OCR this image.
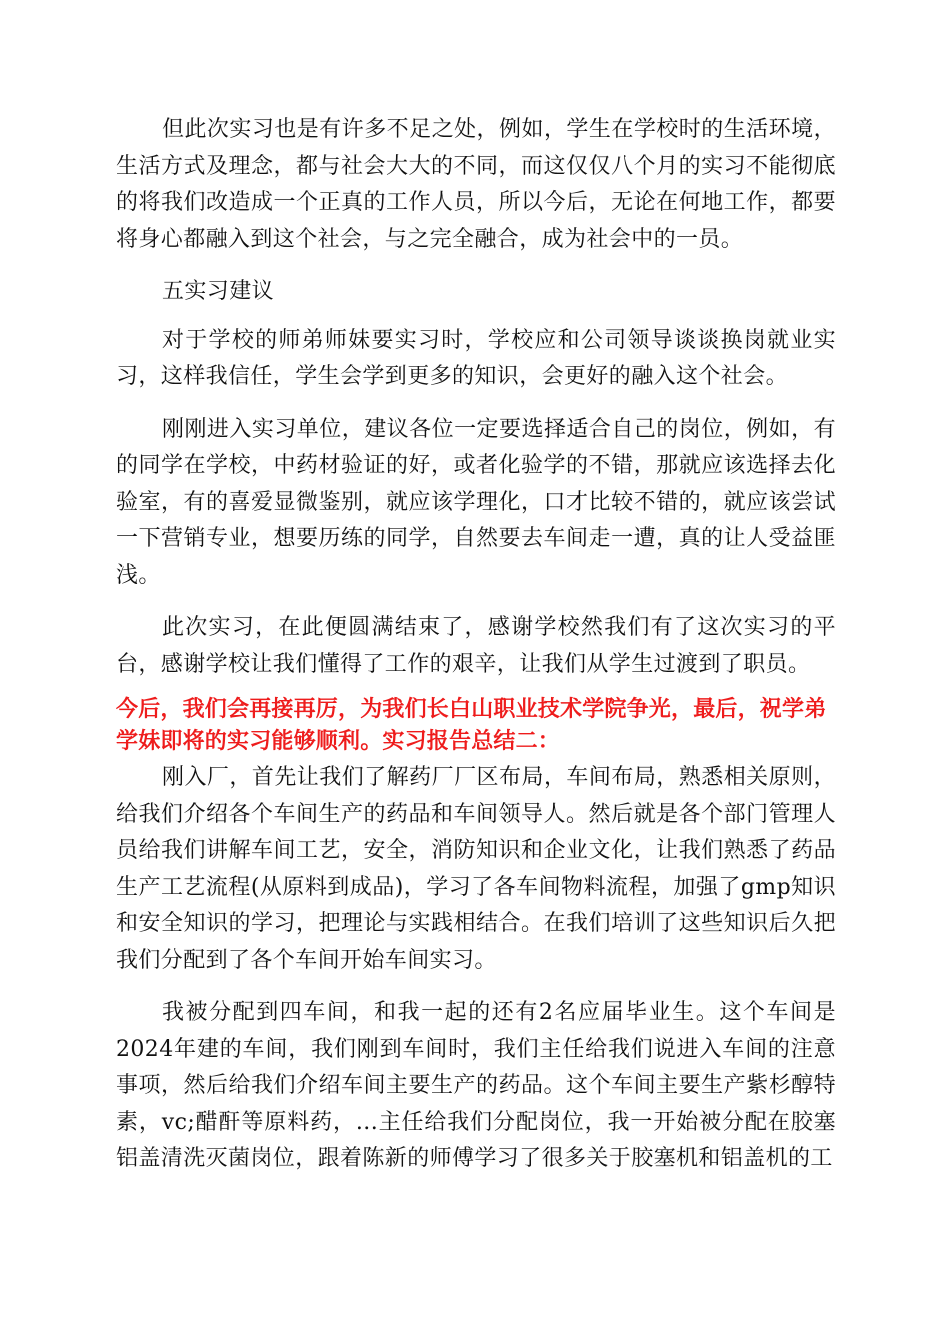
但此次实习也是有许多不足之处，例如，学生在学校时的生活环境，生活方式及理念，都与社会大大的不同，而这仅仅八个月的实习不能彻底的将我们改造成一个正真的工作人员，所以今后，无论在何地工作，都要将身心都融入到这个社会，与之完全融合，成为社会中的一员。

五实习建议

对于学校的师弟师妹要实习时，学校应和公司领导谈谈换岗就业实习，这样我信任，学生会学到更多的知识，会更好的融入这个社会。

刚刚进入实习单位，建议各位一定要选择适合自己的岗位，例如，有的同学在学校，中药材验证的好，或者化验学的不错，那就应该选择去化验室，有的喜爱显微鉴别，就应该学理化，口才比较不错的，就应该尝试一下营销专业，想要历练的同学，自然要去车间走一遭，真的让人受益匪浅。

此次实习，在此便圆满结束了，感谢学校然我们有了这次实习的平台，感谢学校让我们懂得了工作的艰辛，让我们从学生过渡到了职员。

今后，我们会再接再厉，为我们长白山职业技术学院争光，最后，祝学弟学妹即将的实习能够顺利。实习报告总结二：

刚入厂，首先让我们了解药厂厂区布局，车间布局，熟悉相关原则，给我们介绍各个车间生产的药品和车间领导人。然后就是各个部门管理人员给我们讲解车间工艺，安全，消防知识和企业文化，让我们熟悉了药品生产工艺流程(从原料到成品)，学习了各车间物料流程，加强了gmp知识和安全知识的学习，把理论与实践相结合。在我们培训了这些知识后久把我们分配到了各个车间开始车间实习。

我被分配到四车间，和我一起的还有2名应届毕业生。这个车间是2024年建的车间，我们刚到车间时，我们主任给我们说进入车间的注意事项，然后给我们介绍车间主要生产的药品。这个车间主要生产紫杉醇特素，vc;醋酐等原料药，...主任给我们分配岗位，我一开始被分配在胶塞铝盖清洗灭菌岗位，跟着陈新的师傅学习了很多关于胶塞机和铝盖机的工
